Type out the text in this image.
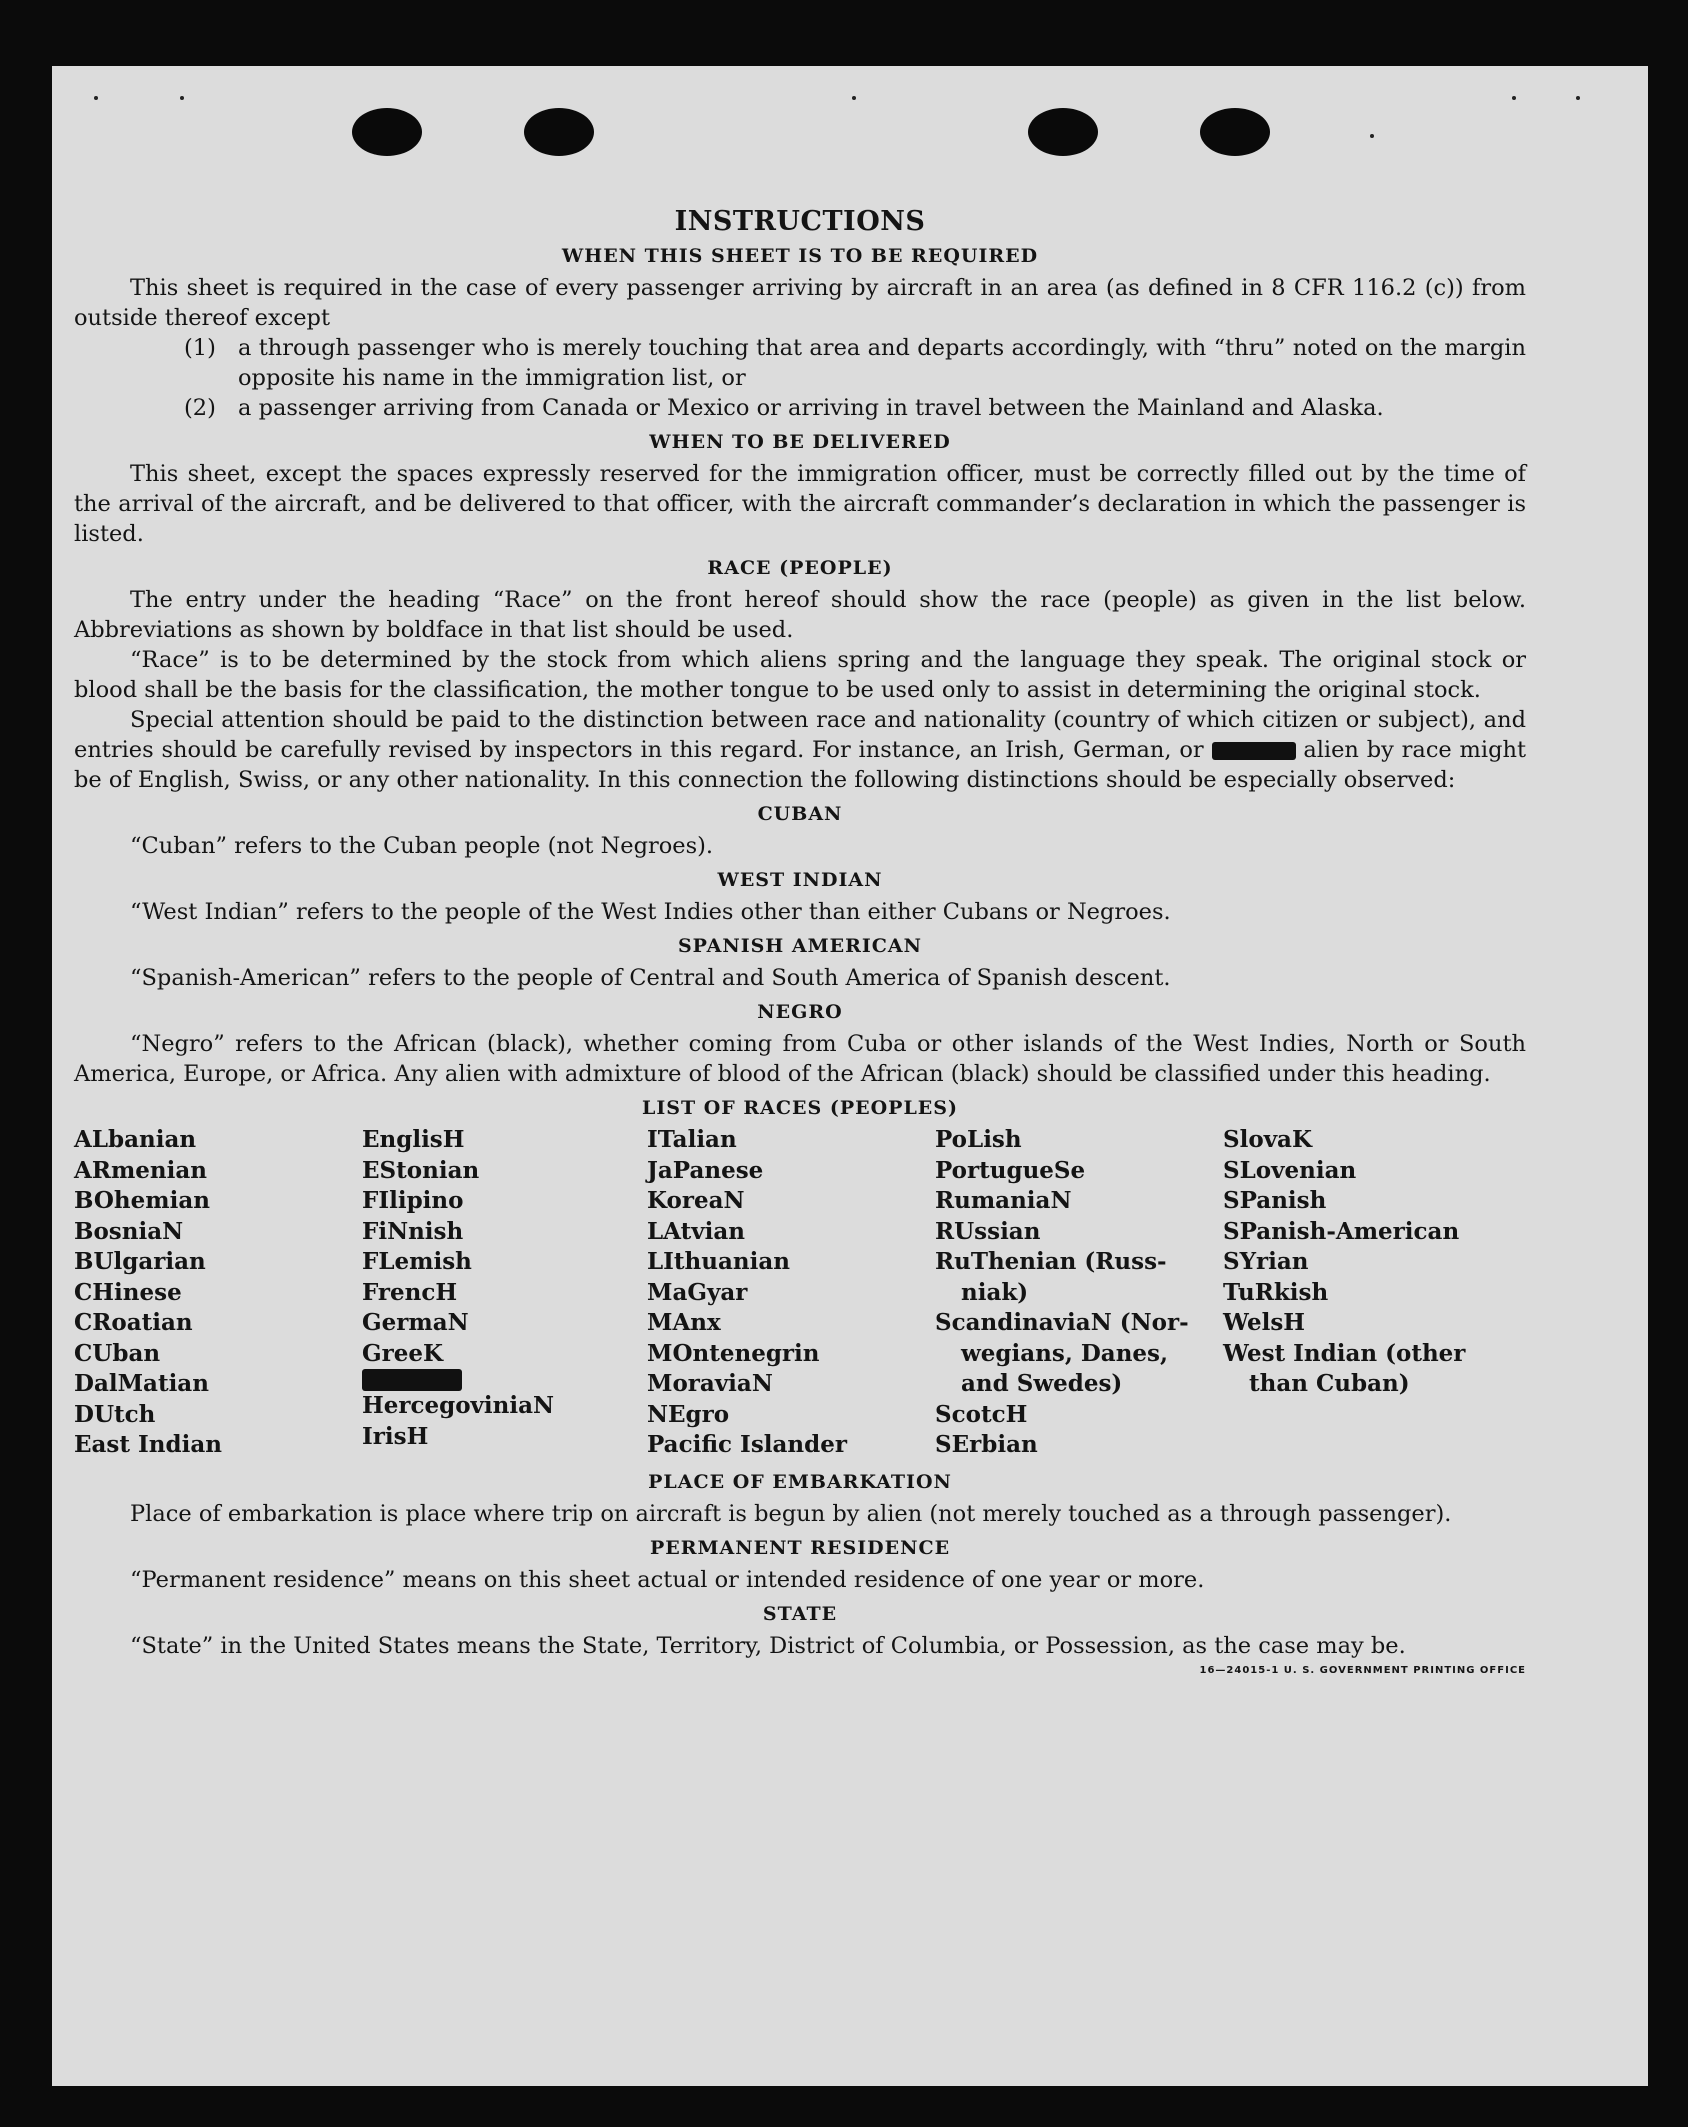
INSTRUCTIONS
WHEN THIS SHEET IS TO BE REQUIRED

This sheet is required in the case of every passenger arriving by aircraft in an area (as defined in 8 CFR 116.2 (c)) from outside thereof except

(1) a through passenger who is merely touching that area and departs accordingly, with “thru” noted on the margin opposite his name in the immigration list, or
(2) a passenger arriving from Canada or Mexico or arriving in travel between the Mainland and Alaska.
WHEN TO BE DELIVERED

This sheet, except the spaces expressly reserved for the immigration officer, must be correctly filled out by the time of the arrival of the aircraft, and be delivered to that officer, with the aircraft commander’s declaration in which the passenger is listed.

RACE (PEOPLE)

The entry under the heading “Race” on the front hereof should show the race (people) as given in the list below. Abbreviations as shown by boldface in that list should be used.

“Race” is to be determined by the stock from which aliens spring and the language they speak. The original stock or blood shall be the basis for the classification, the mother tongue to be used only to assist in determining the original stock.

Special attention should be paid to the distinction between race and nationality (country of which citizen or subject), and entries should be carefully revised by inspectors in this regard. For instance, an Irish, German, or	alien by race might be of English, Swiss, or any other nationality. In this connection the following distinctions should be especially observed:

CUBAN

“Cuban” refers to the Cuban people (not Negroes).

WEST INDIAN

“West Indian” refers to the people of the West Indies other than either Cubans or Negroes.

SPANISH AMERICAN

“Spanish-American” refers to the people of Central and South America of Spanish descent.

NEGRO

“Negro” refers to the African (black), whether coming from Cuba or other islands of the West Indies, North or South America, Europe, or Africa. Any alien with admixture of blood of the African (black) should be classified under this heading.

LIST OF RACES (PEOPLES)
ALbanian
ARmenian
BOhemian
BosniaN
BUlgarian
CHinese
CRoatian
CUban
DalMatian
DUtch
East Indian
EnglisH
EStonian
FIlipino
FiNnish
FLemish
FrencH
GermaN
GreeK
HercegoviniaN
IrisH
ITalian
JaPanese
KoreaN
LAtvian
LIthuanian
MaGyar
MAnx
MOntenegrin
MoraviaN
NEgro
Pacific Islander
PoLish
PortugueSe
RumaniaN
RUssian
RuThenian (Russ-
niak)
ScandinaviaN (Nor-
wegians, Danes,
and Swedes)
ScotcH
SErbian
SlovaK
SLovenian
SPanish
SPanish-American
SYrian
TuRkish
WelsH
West Indian (other
than Cuban)
PLACE OF EMBARKATION

Place of embarkation is place where trip on aircraft is begun by alien (not merely touched as a through passenger).

PERMANENT RESIDENCE

“Permanent residence” means on this sheet actual or intended residence of one year or more.

STATE

“State” in the United States means the State, Territory, District of Columbia, or Possession, as the case may be.

16—24015-1 U. S. GOVERNMENT PRINTING OFFICE
